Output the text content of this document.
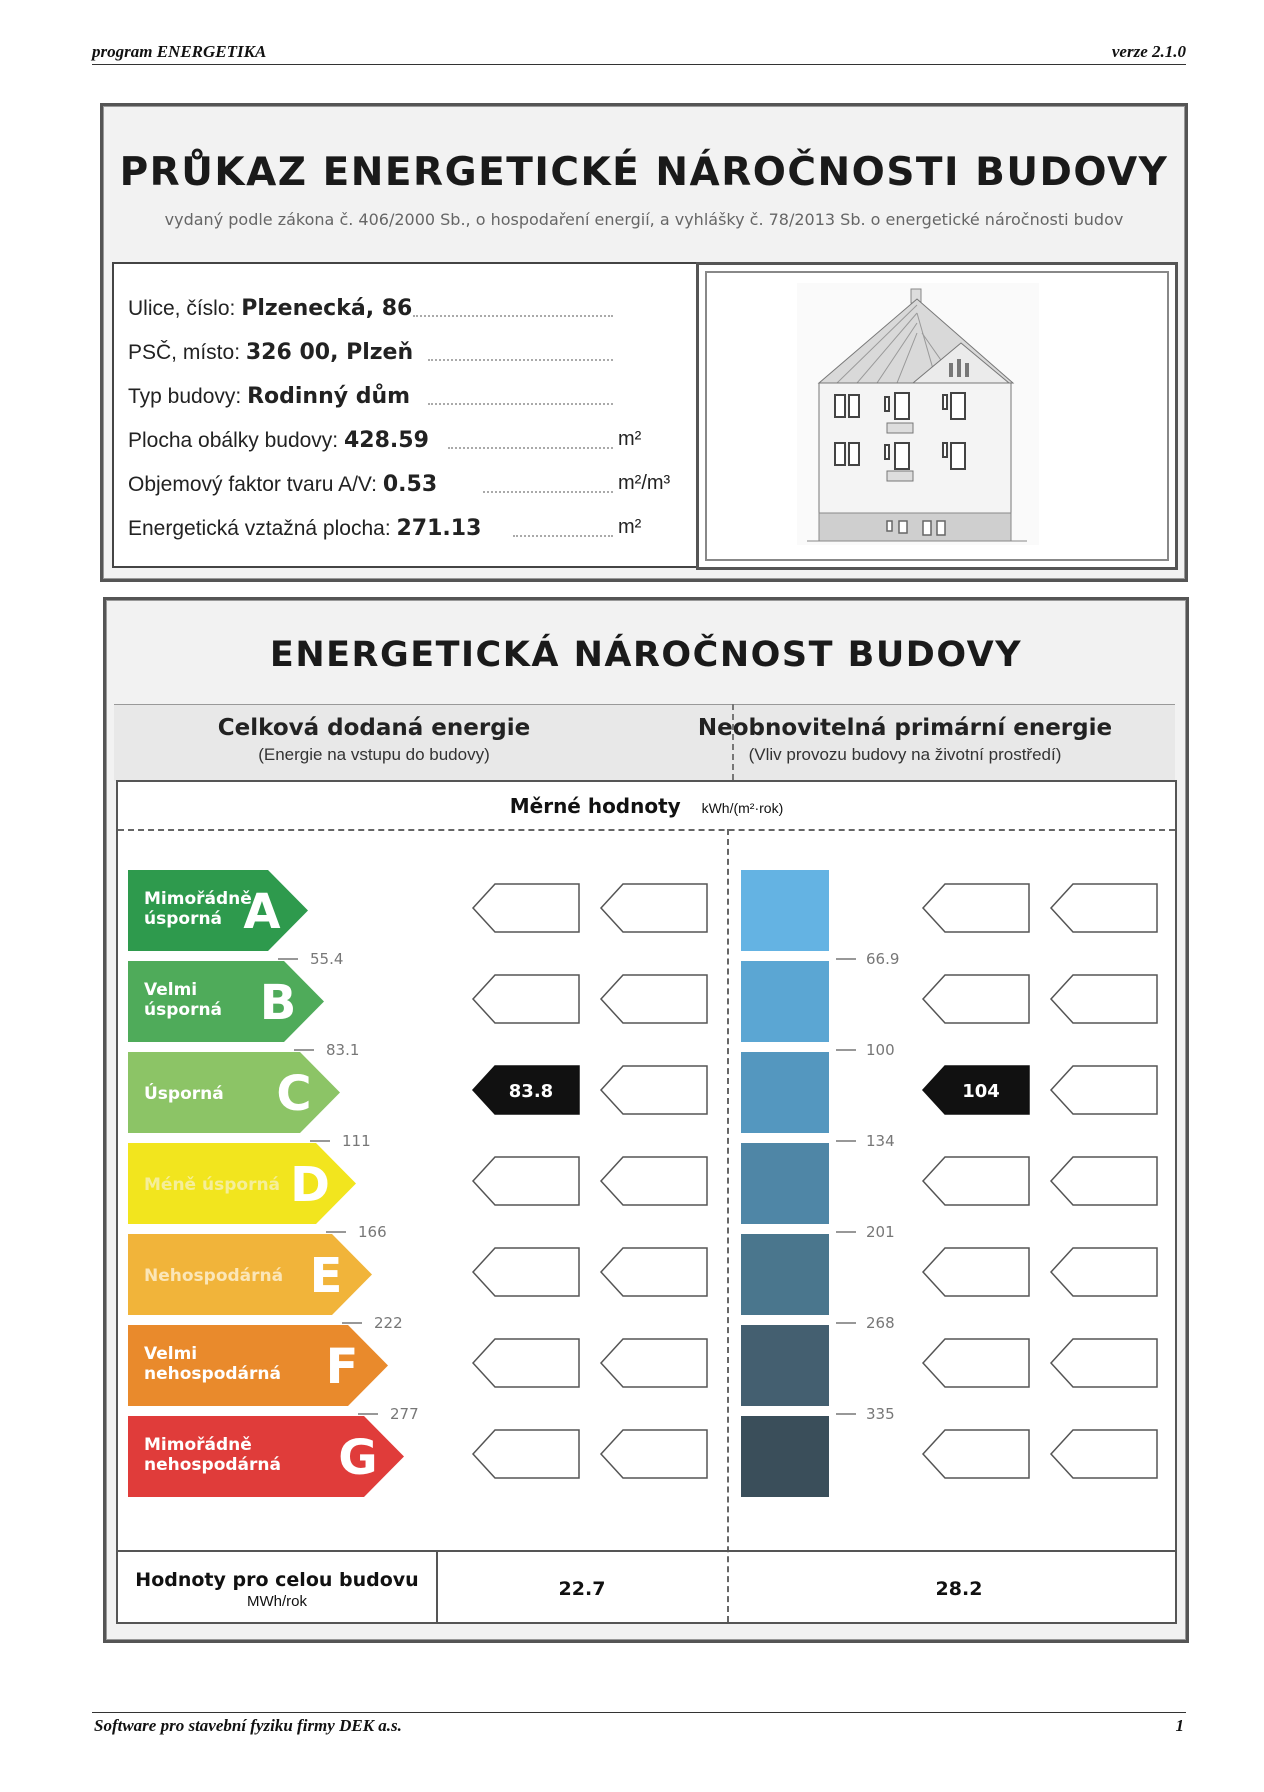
program ENERGETIKA	verze 2.1.0
PRŮKAZ ENERGETICKÉ NÁROČNOSTI BUDOVY
vydaný podle zákona č. 406/2000 Sb., o hospodaření energií, a vyhlášky č. 78/2013 Sb. o energetické náročnosti budov
Ulice, číslo: Plzenecká, 86
PSČ, místo: 326 00, Plzeň
Typ budovy: Rodinný dům
Plocha obálky budovy: 428.59	m²
Objemový faktor tvaru A/V: 0.53	m²/m³
Energetická vztažná plocha: 271.13	m²
ENERGETICKÁ NÁROČNOST BUDOVY
Celková dodaná energie
(Energie na vstupu do budovy)
Neobnovitelná primární energie
(Vliv provozu budovy na životní prostředí)
Měrné hodnoty kWh/(m²·rok)
Mimořádně
úsporná A
55.4	66.9
Velmi
úsporná B
83.1	100
Úsporná C	83.8	104
111	134
Méně úsporná D
166	201
Nehospodárná E
222	268
Velmi
nehospodárná F
277	335
Mimořádně
nehospodárná G
Hodnoty pro celou budovu
MWh/rok
22.7	28.2
Software pro stavební fyziku firmy DEK a.s.	1
